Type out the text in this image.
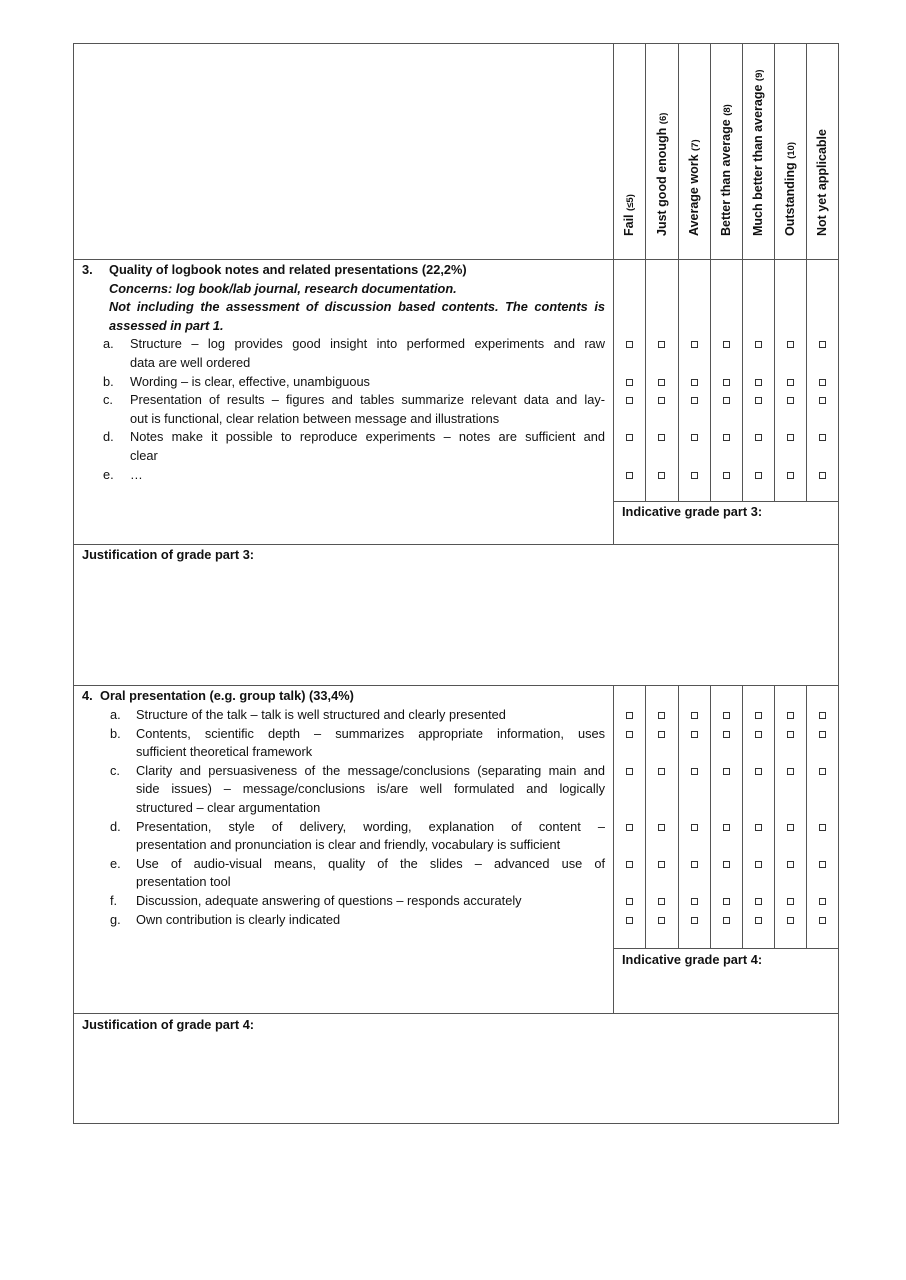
Fail (≤5) Just good enough (6)
Average work (7) Better than average (8) Much better than average (9)
Outstanding (10) Not yet applicable
3. Quality of logbook notes and related presentations (22,2%)
Concerns: log book/lab journal, research documentation.
Not including the assessment of discussion based contents. The contents is
assessed in part 1.
a. Structure – log provides good insight into performed experiments and raw
data are well ordered
b. Wording – is clear, effective, unambiguous
c. Presentation of results – figures and tables summarize relevant data and lay-
out is functional, clear relation between message and illustrations
d. Notes make it possible to reproduce experiments – notes are sufficient and
clear
e. …
Indicative grade part 3:
Justification of grade part 3:
4. Oral presentation (e.g. group talk) (33,4%)
a. Structure of the talk – talk is well structured and clearly presented
b. Contents, scientific depth – summarizes appropriate information, uses
sufficient theoretical framework
c. Clarity and persuasiveness of the message/conclusions (separating main and
side issues) – message/conclusions is/are well formulated and logically
structured – clear argumentation
d. Presentation, style of delivery, wording, explanation of content –
presentation and pronunciation is clear and friendly, vocabulary is sufficient
e. Use of audio-visual means, quality of the slides – advanced use of
presentation tool
f. Discussion, adequate answering of questions – responds accurately
g. Own contribution is clearly indicated
Indicative grade part 4:
Justification of grade part 4:
